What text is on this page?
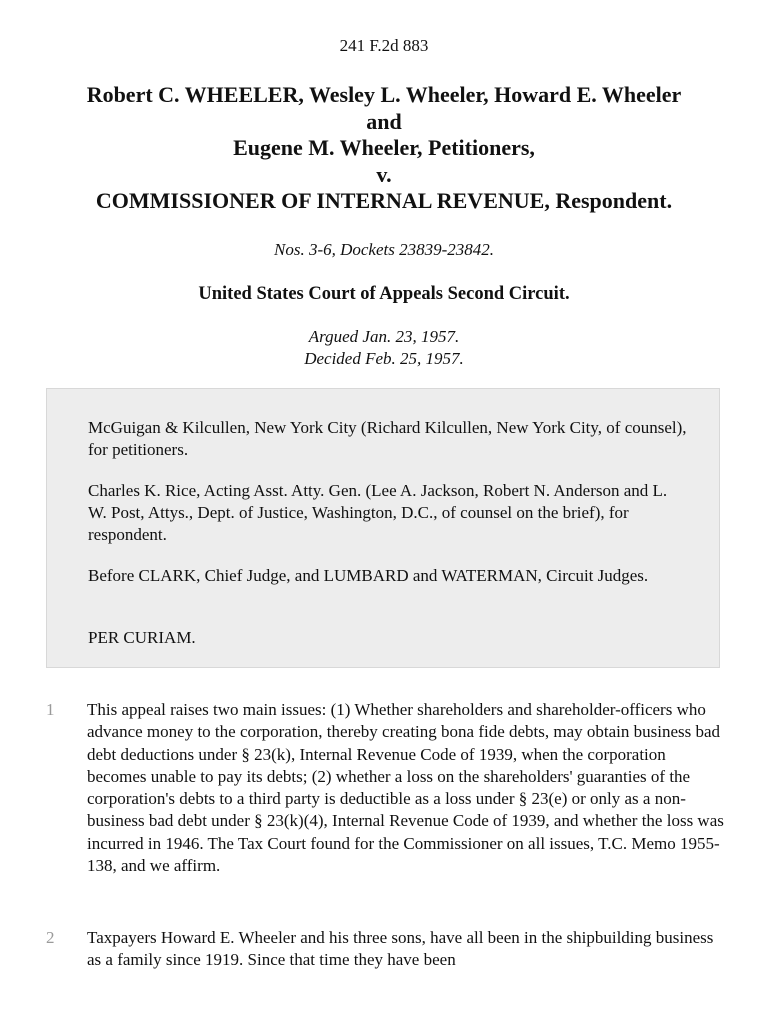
241 F.2d 883
Robert C. WHEELER, Wesley L. Wheeler, Howard E. Wheeler
and
Eugene M. Wheeler, Petitioners,
v.
COMMISSIONER OF INTERNAL REVENUE, Respondent.
Nos. 3-6, Dockets 23839-23842.
United States Court of Appeals Second Circuit.
Argued Jan. 23, 1957.
Decided Feb. 25, 1957.

McGuigan & Kilcullen, New York City (Richard Kilcullen, New York City, of counsel), for petitioners.

Charles K. Rice, Acting Asst. Atty. Gen. (Lee A. Jackson, Robert N. Anderson and L. W. Post, Attys., Dept. of Justice, Washington, D.C., of counsel on the brief), for respondent.

Before CLARK, Chief Judge, and LUMBARD and WATERMAN, Circuit Judges.

PER CURIAM.

1 This appeal raises two main issues: (1) Whether shareholders and shareholder-officers who advance money to the corporation, thereby creating bona fide debts, may obtain business bad debt deductions under § 23(k), Internal Revenue Code of 1939, when the corporation becomes unable to pay its debts; (2) whether a loss on the shareholders' guaranties of the corporation's debts to a third party is deductible as a loss under § 23(e) or only as a non-business bad debt under § 23(k)(4), Internal Revenue Code of 1939, and whether the loss was incurred in 1946. The Tax Court found for the Commissioner on all issues, T.C. Memo 1955-138, and we affirm.
2 Taxpayers Howard E. Wheeler and his three sons, have all been in the shipbuilding business as a family since 1919. Since that time they have been
